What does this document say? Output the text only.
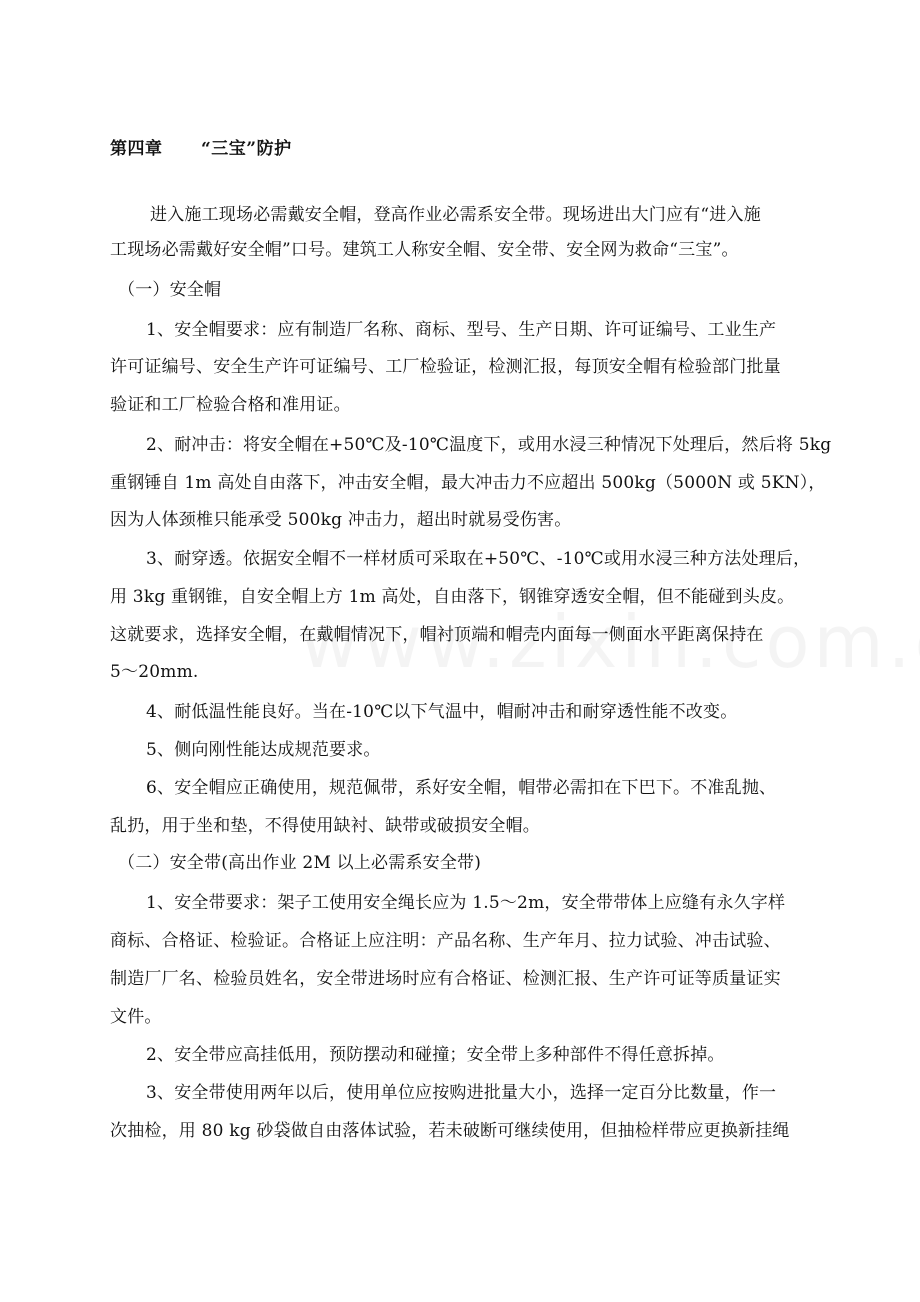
第四章      “三宝”防护
进入施工现场必需戴安全帽，登高作业必需系安全带。现场进出大门应有“进入施
工现场必需戴好安全帽”口号。建筑工人称安全帽、安全带、安全网为救命“三宝”。
（一）安全帽
1、安全帽要求：应有制造厂名称、商标、型号、生产日期、许可证编号、工业生产
许可证编号、安全生产许可证编号、工厂检验证，检测汇报，每顶安全帽有检验部门批量
验证和工厂检验合格和准用证。
2、耐冲击：将安全帽在+50℃及-10℃温度下，或用水浸三种情况下处理后，然后将 5kg
重钢锤自 1m 高处自由落下，冲击安全帽，最大冲击力不应超出 500kg（5000N 或 5KN），
因为人体颈椎只能承受 500kg 冲击力，超出时就易受伤害。
3、耐穿透。依据安全帽不一样材质可采取在+50℃、-10℃或用水浸三种方法处理后，
用 3kg 重钢锥，自安全帽上方 1m 高处，自由落下，钢锥穿透安全帽，但不能碰到头皮。
这就要求，选择安全帽，在戴帽情况下，帽衬顶端和帽壳内面每一侧面水平距离保持在
5～20mm.
4、耐低温性能良好。当在-10℃以下气温中，帽耐冲击和耐穿透性能不改变。
5、侧向刚性能达成规范要求。
6、安全帽应正确使用，规范佩带，系好安全帽，帽带必需扣在下巴下。不准乱抛、
乱扔，用于坐和垫，不得使用缺衬、缺带或破损安全帽。
（二）安全带(高出作业 2M 以上必需系安全带)
1、安全带要求：架子工使用安全绳长应为 1.5～2m，安全带带体上应缝有永久字样
商标、合格证、检验证。合格证上应注明：产品名称、生产年月、拉力试验、冲击试验、
制造厂厂名、检验员姓名，安全带进场时应有合格证、检测汇报、生产许可证等质量证实
文件。
2、安全带应高挂低用，预防摆动和碰撞；安全带上多种部件不得任意拆掉。
3、安全带使用两年以后，使用单位应按购进批量大小，选择一定百分比数量，作一
次抽检，用 80 kg 砂袋做自由落体试验，若未破断可继续使用，但抽检样带应更换新挂绳
